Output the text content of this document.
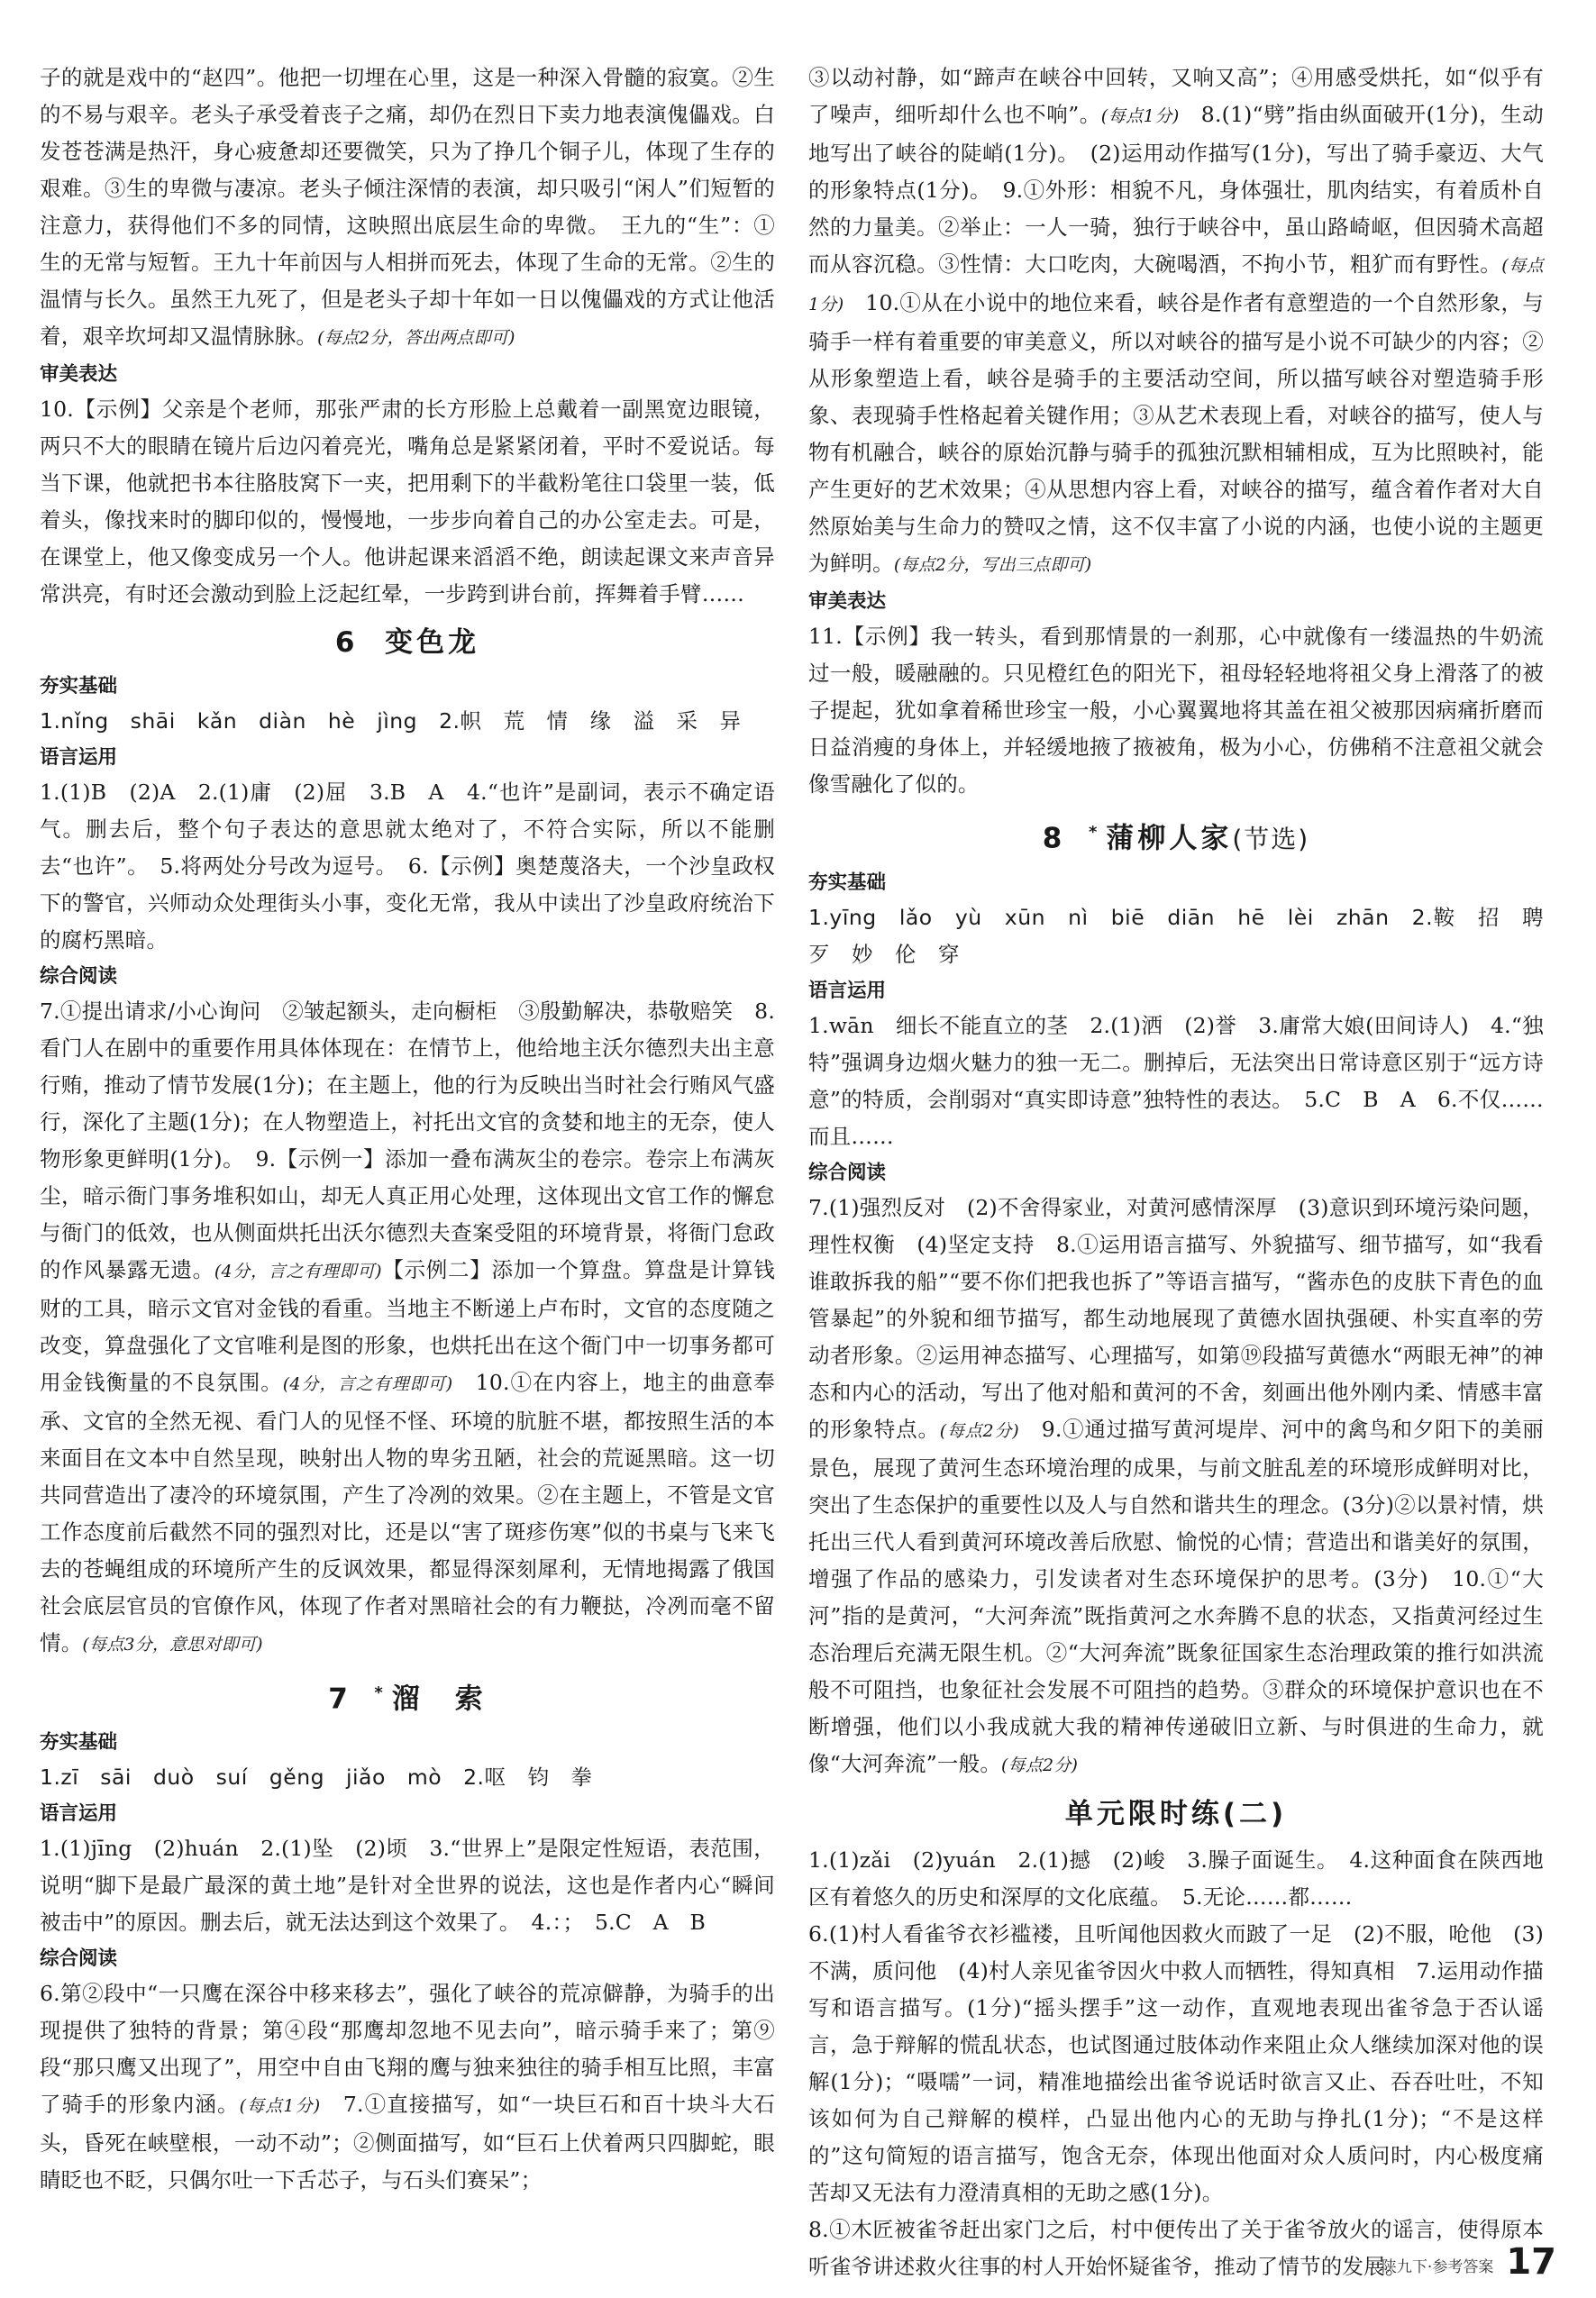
子的就是戏中的“赵四”。他把一切埋在心里，这是一种深入骨髓的寂寞。②生的不易与艰辛。老头子承受着丧子之痛，却仍在烈日下卖力地表演傀儡戏。白发苍苍满是热汗，身心疲惫却还要微笑，只为了挣几个铜子儿，体现了生存的艰难。③生的卑微与凄凉。老头子倾注深情的表演，却只吸引“闲人”们短暂的注意力，获得他们不多的同情，这映照出底层生命的卑微。　王九的“生”：①生的无常与短暂。王九十年前因与人相拼而死去，体现了生命的无常。②生的温情与长久。虽然王九死了，但是老头子却十年如一日以傀儡戏的方式让他活着，艰辛坎坷却又温情脉脉。(每点2分，答出两点即可)

审美表达

10.【示例】父亲是个老师，那张严肃的长方形脸上总戴着一副黑宽边眼镜，两只不大的眼睛在镜片后边闪着亮光，嘴角总是紧紧闭着，平时不爱说话。每当下课，他就把书本往胳肢窝下一夹，把用剩下的半截粉笔往口袋里一装，低着头，像找来时的脚印似的，慢慢地，一步步向着自己的办公室走去。可是，在课堂上，他又像变成另一个人。他讲起课来滔滔不绝，朗读起课文来声音异常洪亮，有时还会激动到脸上泛起红晕，一步跨到讲台前，挥舞着手臂……

6 变色龙
夯实基础

1.nǐng　shāi　kǎn　diàn　hè　jìng　2.帜　荒　情　缘　溢　采　异

语言运用

1.(1)B　(2)A　2.(1)庸　(2)屈　3.B　A　4.“也许”是副词，表示不确定语气。删去后，整个句子表达的意思就太绝对了，不符合实际，所以不能删去“也许”。　5.将两处分号改为逗号。　6.【示例】奥楚蔑洛夫，一个沙皇政权下的警官，兴师动众处理街头小事，变化无常，我从中读出了沙皇政府统治下的腐朽黑暗。

综合阅读

7.①提出请求/小心询问　②皱起额头，走向橱柜　③殷勤解决，恭敬赔笑　8.看门人在剧中的重要作用具体体现在：在情节上，他给地主沃尔德烈夫出主意行贿，推动了情节发展(1分)；在主题上，他的行为反映出当时社会行贿风气盛行，深化了主题(1分)；在人物塑造上，衬托出文官的贪婪和地主的无奈，使人物形象更鲜明(1分)。　9.【示例一】添加一叠布满灰尘的卷宗。卷宗上布满灰尘，暗示衙门事务堆积如山，却无人真正用心处理，这体现出文官工作的懈怠与衙门的低效，也从侧面烘托出沃尔德烈夫查案受阻的环境背景，将衙门怠政的作风暴露无遗。(4分，言之有理即可)【示例二】添加一个算盘。算盘是计算钱财的工具，暗示文官对金钱的看重。当地主不断递上卢布时，文官的态度随之改变，算盘强化了文官唯利是图的形象，也烘托出在这个衙门中一切事务都可用金钱衡量的不良氛围。(4分，言之有理即可)　10.①在内容上，地主的曲意奉承、文官的全然无视、看门人的见怪不怪、环境的肮脏不堪，都按照生活的本来面目在文本中自然呈现，映射出人物的卑劣丑陋，社会的荒诞黑暗。这一切共同营造出了凄冷的环境氛围，产生了冷冽的效果。②在主题上，不管是文官工作态度前后截然不同的强烈对比，还是以“害了斑疹伤寒”似的书桌与飞来飞去的苍蝇组成的环境所产生的反讽效果，都显得深刻犀利，无情地揭露了俄国社会底层官员的官僚作风，体现了作者对黑暗社会的有力鞭挞，冷冽而毫不留情。(每点3分，意思对即可)

7 * 溜　索
夯实基础

1.zī　sāi　duò　suí　gěng　jiǎo　mò　2.呕　钧　拳

语言运用

1.(1)jīng　(2)huán　2.(1)坠　(2)顷　3.“世界上”是限定性短语，表范围，说明“脚下是最广最深的黄土地”是针对全世界的说法，这也是作者内心“瞬间被击中”的原因。删去后，就无法达到这个效果了。　4.：；　5.C　A　B

综合阅读

6.第②段中“一只鹰在深谷中移来移去”，强化了峡谷的荒凉僻静，为骑手的出现提供了独特的背景；第④段“那鹰却忽地不见去向”，暗示骑手来了；第⑨段“那只鹰又出现了”，用空中自由飞翔的鹰与独来独往的骑手相互比照，丰富了骑手的形象内涵。(每点1分)　7.①直接描写，如“一块巨石和百十块斗大石头，昏死在峡壁根，一动不动”；②侧面描写，如“巨石上伏着两只四脚蛇，眼睛眨也不眨，只偶尔吐一下舌芯子，与石头们赛呆”；

③以动衬静，如“蹄声在峡谷中回转，又响又高”；④用感受烘托，如“似乎有了噪声，细听却什么也不响”。(每点1分)　8.(1)“劈”指由纵面破开(1分)，生动地写出了峡谷的陡峭(1分)。　(2)运用动作描写(1分)，写出了骑手豪迈、大气的形象特点(1分)。　9.①外形：相貌不凡，身体强壮，肌肉结实，有着质朴自然的力量美。②举止：一人一骑，独行于峡谷中，虽山路崎岖，但因骑术高超而从容沉稳。③性情：大口吃肉，大碗喝酒，不拘小节，粗犷而有野性。(每点1分)　10.①从在小说中的地位来看，峡谷是作者有意塑造的一个自然形象，与骑手一样有着重要的审美意义，所以对峡谷的描写是小说不可缺少的内容；②从形象塑造上看，峡谷是骑手的主要活动空间，所以描写峡谷对塑造骑手形象、表现骑手性格起着关键作用；③从艺术表现上看，对峡谷的描写，使人与物有机融合，峡谷的原始沉静与骑手的孤独沉默相辅相成，互为比照映衬，能产生更好的艺术效果；④从思想内容上看，对峡谷的描写，蕴含着作者对大自然原始美与生命力的赞叹之情，这不仅丰富了小说的内涵，也使小说的主题更为鲜明。(每点2分，写出三点即可)

审美表达

11.【示例】我一转头，看到那情景的一刹那，心中就像有一缕温热的牛奶流过一般，暖融融的。只见橙红色的阳光下，祖母轻轻地将祖父身上滑落了的被子提起，犹如拿着稀世珍宝一般，小心翼翼地将其盖在祖父被那因病痛折磨而日益消瘦的身体上，并轻缓地掖了掖被角，极为小心，仿佛稍不注意祖父就会像雪融化了似的。

8 * 蒲柳人家(节选)
夯实基础

1.yīng　lǎo　yù　xūn　nì　biē　diān　hē　lèi　zhān　2.鞍　招　聘　歹　妙　伦　穿

语言运用

1.wān　细长不能直立的茎　2.(1)洒　(2)誉　3.庸常大娘(田间诗人)　4.“独特”强调身边烟火魅力的独一无二。删掉后，无法突出日常诗意区别于“远方诗意”的特质，会削弱对“真实即诗意”独特性的表达。　5.C　B　A　6.不仅……而且……

综合阅读

7.(1)强烈反对　(2)不舍得家业，对黄河感情深厚　(3)意识到环境污染问题，理性权衡　(4)坚定支持　8.①运用语言描写、外貌描写、细节描写，如“我看谁敢拆我的船”“要不你们把我也拆了”等语言描写，“酱赤色的皮肤下青色的血管暴起”的外貌和细节描写，都生动地展现了黄德水固执强硬、朴实直率的劳动者形象。②运用神态描写、心理描写，如第⑲段描写黄德水“两眼无神”的神态和内心的活动，写出了他对船和黄河的不舍，刻画出他外刚内柔、情感丰富的形象特点。(每点2分)　9.①通过描写黄河堤岸、河中的禽鸟和夕阳下的美丽景色，展现了黄河生态环境治理的成果，与前文脏乱差的环境形成鲜明对比，突出了生态保护的重要性以及人与自然和谐共生的理念。(3分)②以景衬情，烘托出三代人看到黄河环境改善后欣慰、愉悦的心情；营造出和谐美好的氛围，增强了作品的感染力，引发读者对生态环境保护的思考。(3分)　10.①“大河”指的是黄河，“大河奔流”既指黄河之水奔腾不息的状态，又指黄河经过生态治理后充满无限生机。②“大河奔流”既象征国家生态治理政策的推行如洪流般不可阻挡，也象征社会发展不可阻挡的趋势。③群众的环境保护意识也在不断增强，他们以小我成就大我的精神传递破旧立新、与时俱进的生命力，就像“大河奔流”一般。(每点2分)

单元限时练(二)

1.(1)zǎi　(2)yuán　2.(1)撼　(2)峻　3.臊子面诞生。　4.这种面食在陕西地区有着悠久的历史和深厚的文化底蕴。　5.无论……都……

6.(1)村人看雀爷衣衫褴褛，且听闻他因救火而跛了一足　(2)不服，呛他　(3)不满，质问他　(4)村人亲见雀爷因火中救人而牺牲，得知真相　7.运用动作描写和语言描写。(1分)“摇头摆手”这一动作，直观地表现出雀爷急于否认谣言，急于辩解的慌乱状态，也试图通过肢体动作来阻止众人继续加深对他的误解(1分)；“嗫嚅”一词，精准地描绘出雀爷说话时欲言又止、吞吞吐吐，不知该如何为自己辩解的模样，凸显出他内心的无助与挣扎(1分)；“不是这样的”这句简短的语言描写，饱含无奈，体现出他面对众人质问时，内心极度痛苦却又无法有力澄清真相的无助之感(1分)。

8.①木匠被雀爷赶出家门之后，村中便传出了关于雀爷放火的谣言，使得原本听雀爷讲述救火往事的村人开始怀疑雀爷，推动了情节的发展。

陕九下·参考答案 17
